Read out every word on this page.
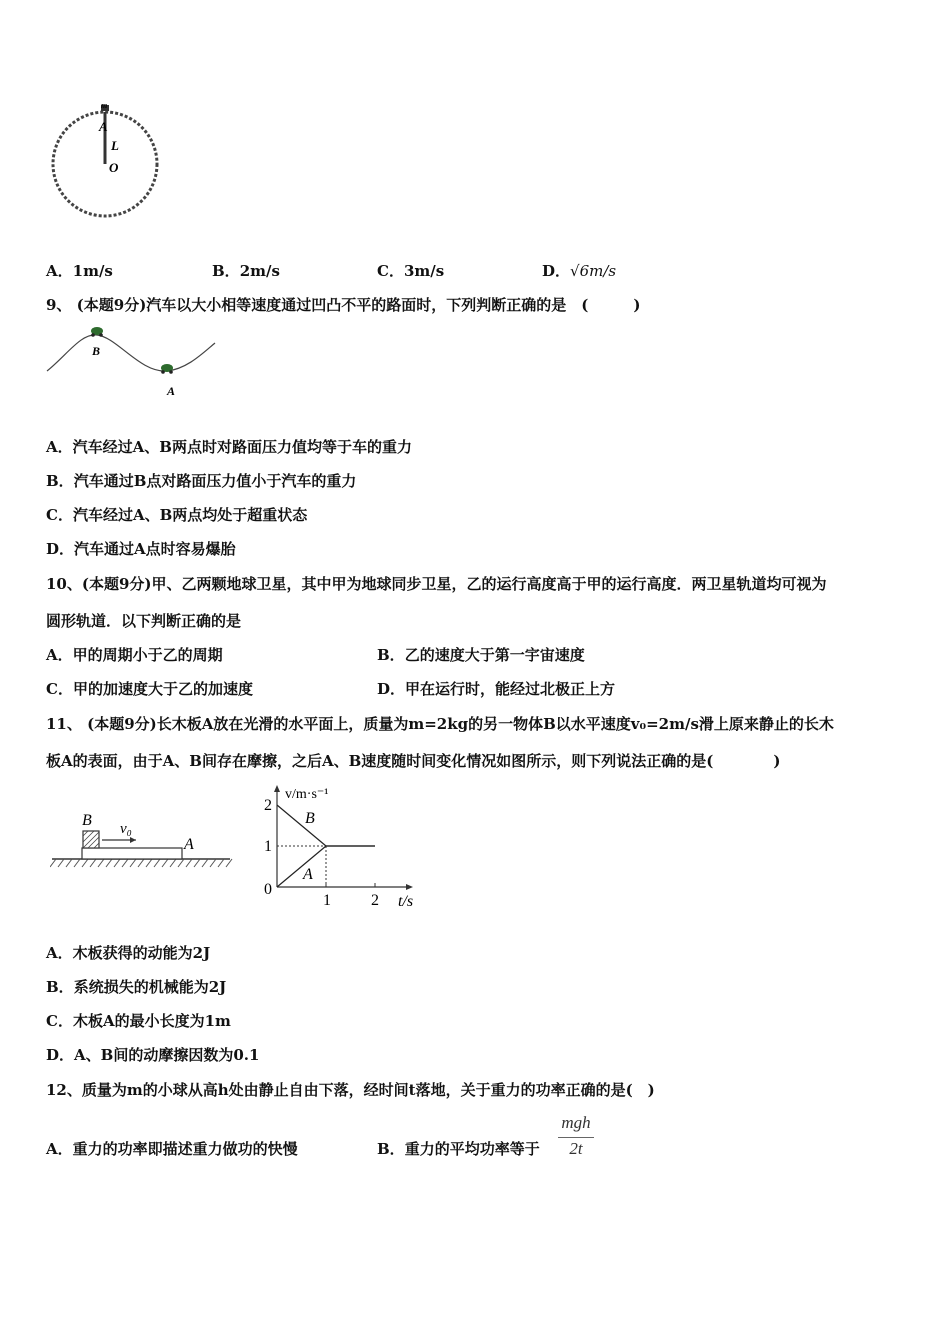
A
L
O
m
A．1m/s	B．2m/s	C．3m/s	D．√6m/s
9、 (本题9分)汽车以大小相等速度通过凹凸不平的路面时，下列判断正确的是　(　　　)
B
A
A．汽车经过A、B两点时对路面压力值均等于车的重力
B．汽车通过B点对路面压力值小于汽车的重力
C．汽车经过A、B两点均处于超重状态
D．汽车通过A点时容易爆胎
10、(本题9分)甲、乙两颗地球卫星，其中甲为地球同步卫星，乙的运行高度高于甲的运行高度．两卫星轨道均可视为
圆形轨道．以下判断正确的是
A．甲的周期小于乙的周期	B．乙的速度大于第一宇宙速度
C．甲的加速度大于乙的加速度	D．甲在运行时，能经过北极正上方
11、 (本题9分)长木板A放在光滑的水平面上，质量为m=2kg的另一物体B以水平速度v₀=2m/s滑上原来静止的长木
板A的表面，由于A、B间存在摩擦，之后A、B速度随时间变化情况如图所示，则下列说法正确的是(　　　　)
B v₀
A
v/m·s⁻¹
t/s
2
1
0
1	2
B
A
A．木板获得的动能为2J
B．系统损失的机械能为2J
C．木板A的最小长度为1m
D．A、B间的动摩擦因数为0.1
12、质量为m的小球从高h处由静止自由下落，经时间t落地，关于重力的功率正确的是(　)
A．重力的功率即描述重力做功的快慢	B．重力的平均功率等于
mgh
2t
